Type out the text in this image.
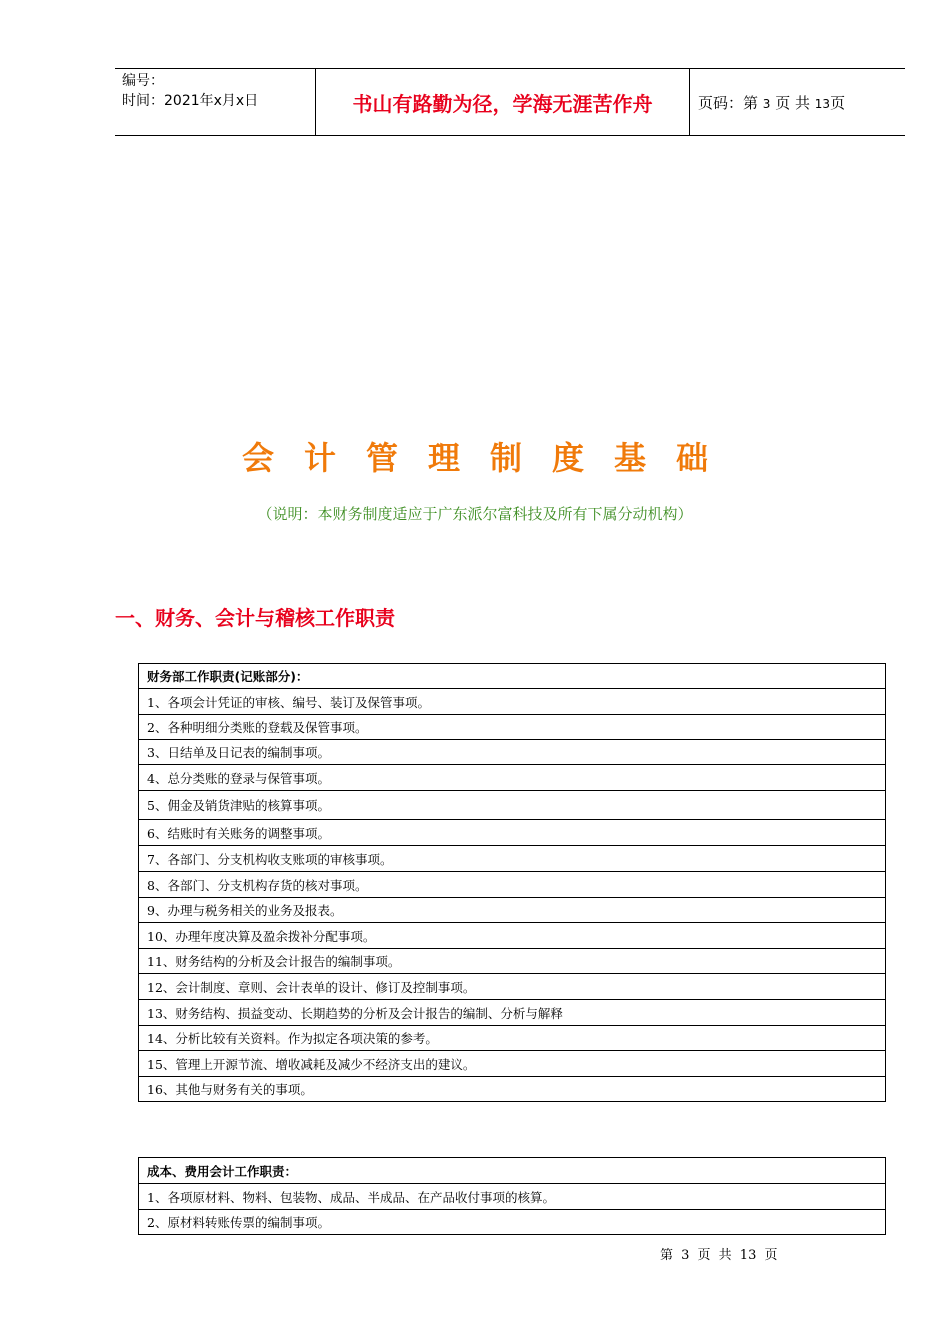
编号：
时间：2021年x月x日	书山有路勤为径，学海无涯苦作舟	页码：第 3 页 共 13页
会计管理制度基础
（说明：本财务制度适应于广东派尔富科技及所有下属分动机构）
一、财务、会计与稽核工作职责
财务部工作职责(记账部分)：
1、各项会计凭证的审核、编号、装订及保管事项。
2、各种明细分类账的登载及保管事项。
3、日结单及日记表的编制事项。
4、总分类账的登录与保管事项。
5、佣金及销货津贴的核算事项。
6、结账时有关账务的调整事项。
7、各部门、分支机构收支账项的审核事项。
8、各部门、分支机构存货的核对事项。
9、办理与税务相关的业务及报表。
10、办理年度决算及盈余拨补分配事项。
11、财务结构的分析及会计报告的编制事项。
12、会计制度、章则、会计表单的设计、修订及控制事项。
13、财务结构、损益变动、长期趋势的分析及会计报告的编制、分析与解释
14、分析比较有关资料。作为拟定各项决策的参考。
15、管理上开源节流、增收减耗及减少不经济支出的建议。
16、其他与财务有关的事项。
成本、费用会计工作职责：
1、各项原材料、物料、包装物、成品、半成品、在产品收付事项的核算。
2、原材料转账传票的编制事项。
第 3 页 共 13 页
